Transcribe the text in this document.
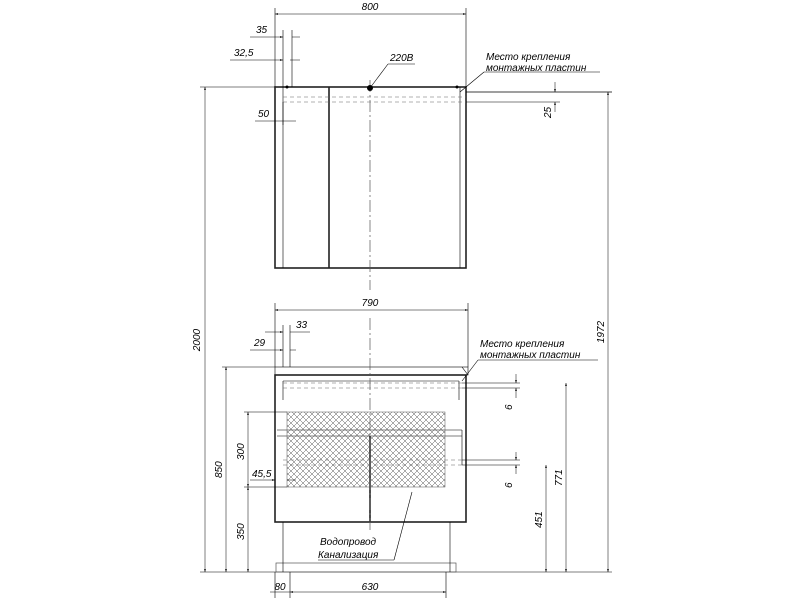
800
35
32,5
50
220В	Место крепления
монтажных пластин
25
2000	1972
790
33
29
850
300
350
45,5
Место крепления
монтажных пластин
6
6	771
451
Водопровод
Канализация
80	630
